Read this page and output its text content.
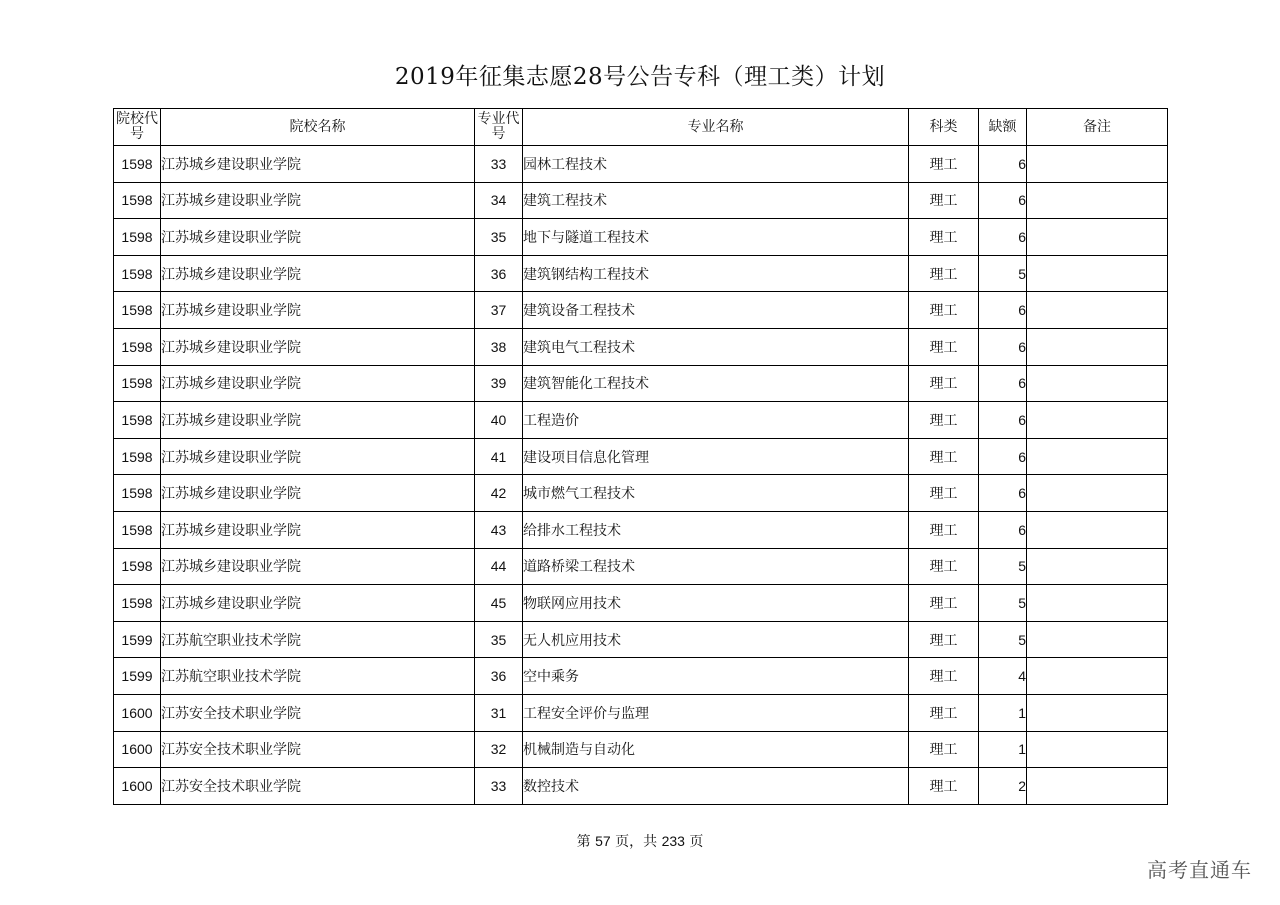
2019年征集志愿28号公告专科（理工类）计划
院校代号	院校名称	专业代号	专业名称	科类	缺额	备注
1598	江苏城乡建设职业学院	33	园林工程技术	理工	6	
1598	江苏城乡建设职业学院	34	建筑工程技术	理工	6	
1598	江苏城乡建设职业学院	35	地下与隧道工程技术	理工	6	
1598	江苏城乡建设职业学院	36	建筑钢结构工程技术	理工	5	
1598	江苏城乡建设职业学院	37	建筑设备工程技术	理工	6	
1598	江苏城乡建设职业学院	38	建筑电气工程技术	理工	6	
1598	江苏城乡建设职业学院	39	建筑智能化工程技术	理工	6	
1598	江苏城乡建设职业学院	40	工程造价	理工	6	
1598	江苏城乡建设职业学院	41	建设项目信息化管理	理工	6	
1598	江苏城乡建设职业学院	42	城市燃气工程技术	理工	6	
1598	江苏城乡建设职业学院	43	给排水工程技术	理工	6	
1598	江苏城乡建设职业学院	44	道路桥梁工程技术	理工	5	
1598	江苏城乡建设职业学院	45	物联网应用技术	理工	5	
1599	江苏航空职业技术学院	35	无人机应用技术	理工	5	
1599	江苏航空职业技术学院	36	空中乘务	理工	4	
1600	江苏安全技术职业学院	31	工程安全评价与监理	理工	1	
1600	江苏安全技术职业学院	32	机械制造与自动化	理工	1	
1600	江苏安全技术职业学院	33	数控技术	理工	2	
第 57 页，共 233 页
高考直通车
